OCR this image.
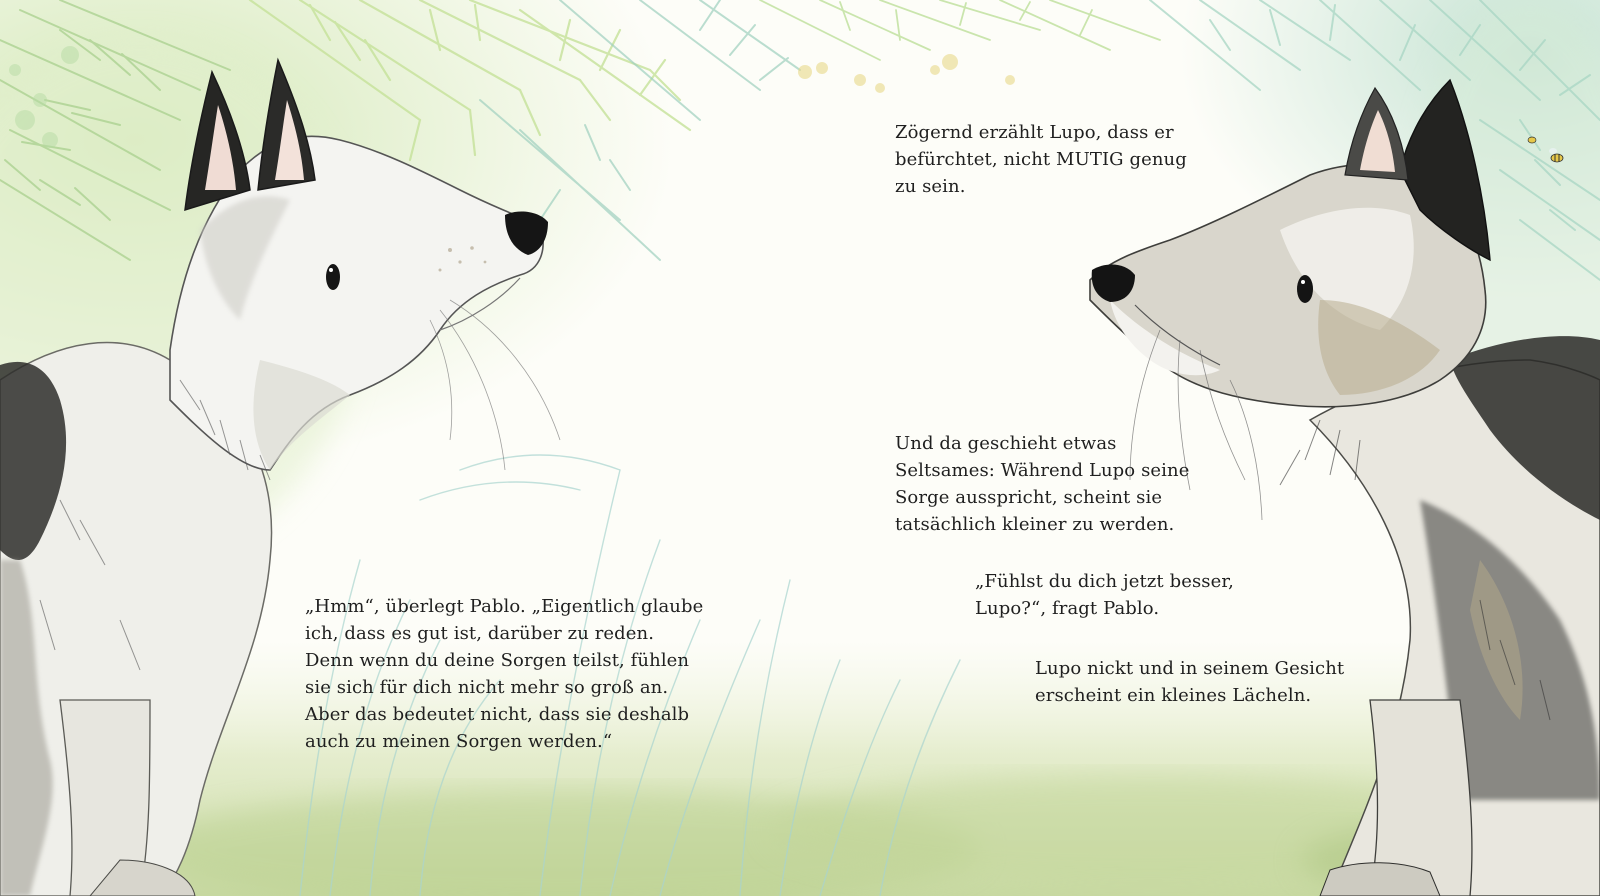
Zögernd erzählt Lupo, dass er
befürchtet, nicht MUTIG genug
zu sein.

Und da geschieht etwas
Seltsames: Während Lupo seine
Sorge ausspricht, scheint sie
tatsächlich kleiner zu werden.

„Fühlst du dich jetzt besser,
Lupo?“, fragt Pablo.

Lupo nickt und in seinem Gesicht
erscheint ein kleines Lächeln.

„Hmm“, überlegt Pablo. „Eigentlich glaube
ich, dass es gut ist, darüber zu reden.
Denn wenn du deine Sorgen teilst, fühlen
sie sich für dich nicht mehr so groß an.
Aber das bedeutet nicht, dass sie deshalb
auch zu meinen Sorgen werden.“
